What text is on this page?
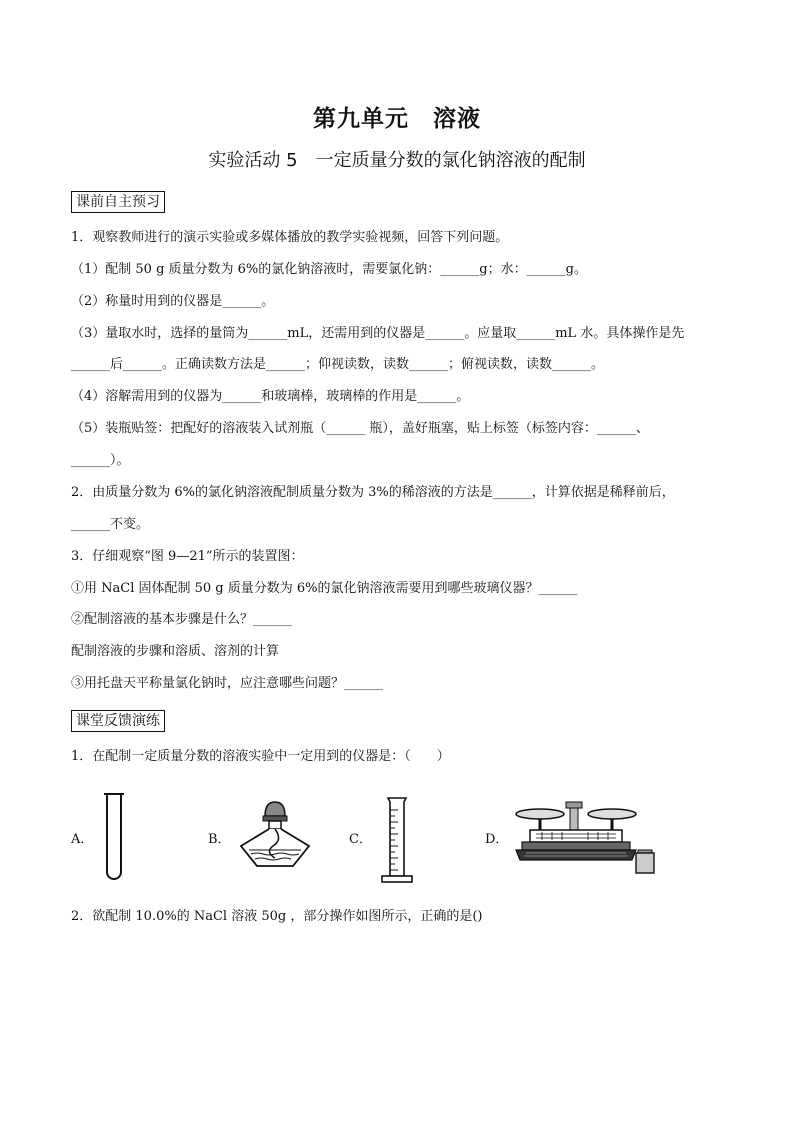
第九单元　溶液
实验活动 5　一定质量分数的氯化钠溶液的配制
课前自主预习
1．观察教师进行的演示实验或多媒体播放的教学实验视频，回答下列问题。
（1）配制 50 g 质量分数为 6%的氯化钠溶液时，需要氯化钠：______g；水：______g。
（2）称量时用到的仪器是______。
（3）量取水时，选择的量筒为______mL，还需用到的仪器是______。应量取______mL 水。具体操作是先
______后______。正确读数方法是______；仰视读数，读数______；俯视读数，读数______。
（4）溶解需用到的仪器为______和玻璃棒，玻璃棒的作用是______。
（5）装瓶贴签：把配好的溶液装入试剂瓶（______ 瓶），盖好瓶塞，贴上标签（标签内容：______、
______）。
2．由质量分数为 6%的氯化钠溶液配制质量分数为 3%的稀溶液的方法是______，计算依据是稀释前后，
______不变。
3．仔细观察“图 9—21”所示的装置图：
①用 NaCl 固体配制 50 g 质量分数为 6%的氯化钠溶液需要用到哪些玻璃仪器？______
②配制溶液的基本步骤是什么？______
配制溶液的步骤和溶质、溶剂的计算
③用托盘天平称量氯化钠时，应注意哪些问题？______
课堂反馈演练
1．在配制一定质量分数的溶液实验中一定用到的仪器是：（　　）
A．	B．	C．	D．
2．欲配制 10.0%的 NaCl 溶液 50g ，部分操作如图所示，正确的是()
